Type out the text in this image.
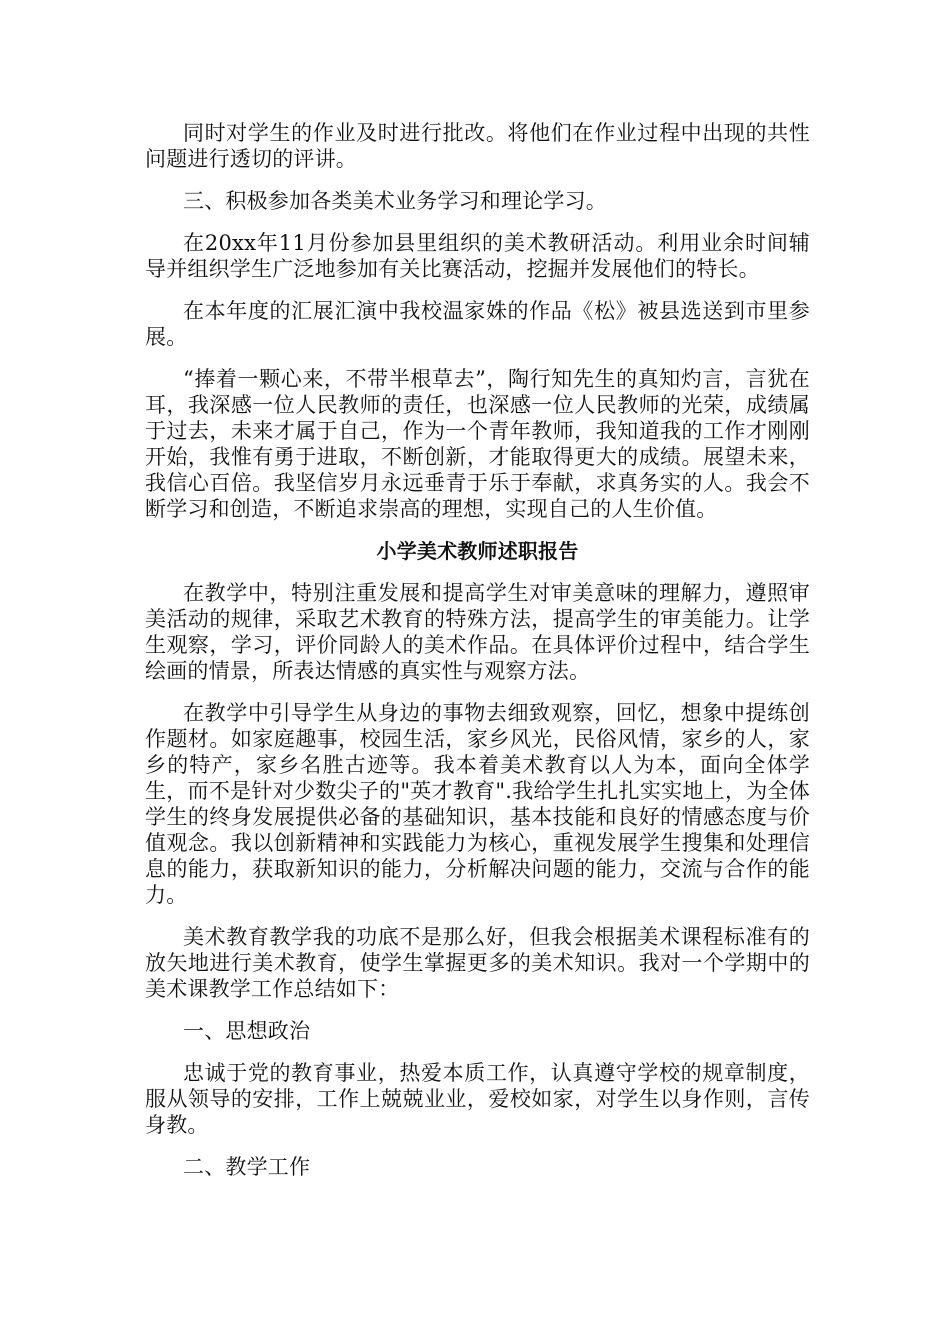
同时对学生的作业及时进行批改。将他们在作业过程中出现的共性问题进行透切的评讲。

三、积极参加各类美术业务学习和理论学习。

在20xx年11月份参加县里组织的美术教研活动。利用业余时间辅导并组织学生广泛地参加有关比赛活动，挖掘并发展他们的特长。

在本年度的汇展汇演中我校温家姝的作品《松》被县选送到市里参展。

“捧着一颗心来，不带半根草去”，陶行知先生的真知灼言，言犹在耳，我深感一位人民教师的责任，也深感一位人民教师的光荣，成绩属于过去，未来才属于自己，作为一个青年教师，我知道我的工作才刚刚开始，我惟有勇于进取，不断创新，才能取得更大的成绩。展望未来，我信心百倍。我坚信岁月永远垂青于乐于奉献，求真务实的人。我会不断学习和创造，不断追求崇高的理想，实现自己的人生价值。

小学美术教师述职报告

在教学中，特别注重发展和提高学生对审美意味的理解力，遵照审美活动的规律，采取艺术教育的特殊方法，提高学生的审美能力。让学生观察，学习，评价同龄人的美术作品。在具体评价过程中，结合学生绘画的情景，所表达情感的真实性与观察方法。

在教学中引导学生从身边的事物去细致观察，回忆，想象中提练创作题材。如家庭趣事，校园生活，家乡风光，民俗风情，家乡的人，家乡的特产，家乡名胜古迹等。我本着美术教育以人为本，面向全体学生，而不是针对少数尖子的"英才教育".我给学生扎扎实实地上，为全体学生的终身发展提供必备的基础知识，基本技能和良好的情感态度与价值观念。我以创新精神和实践能力为核心，重视发展学生搜集和处理信息的能力，获取新知识的能力，分析解决问题的能力，交流与合作的能力。

美术教育教学我的功底不是那么好，但我会根据美术课程标准有的放矢地进行美术教育，使学生掌握更多的美术知识。我对一个学期中的美术课教学工作总结如下：

一、思想政治

忠诚于党的教育事业，热爱本质工作，认真遵守学校的规章制度，服从领导的安排，工作上兢兢业业，爱校如家，对学生以身作则，言传身教。

二、教学工作
